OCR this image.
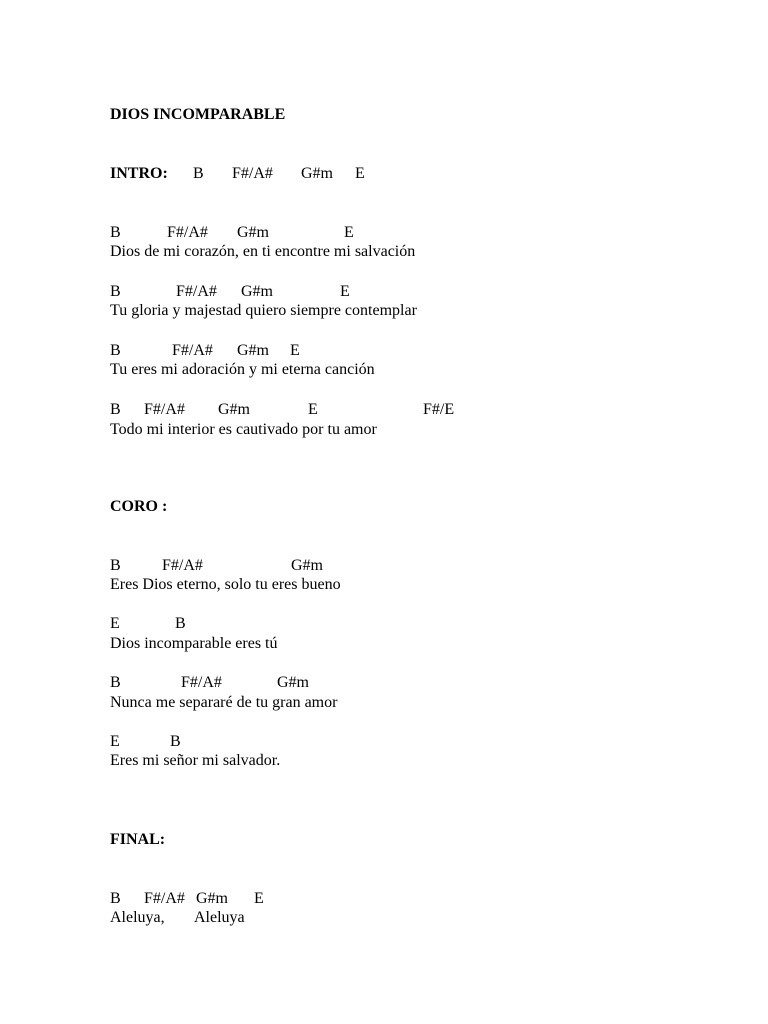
DIOS INCOMPARABLE
INTRO: B F#/A# G#m E
B	F#/A# G#m	E
Dios de mi corazón, en ti encontre mi salvación
B	F#/A# G#m	E
Tu gloria y majestad quiero siempre contemplar
B	F#/A# G#m E
Tu eres mi adoración y mi eterna canción
B F#/A# G#m	E	F#/E
Todo mi interior es cautivado por tu amor
CORO :
B	F#/A#	G#m
Eres Dios eterno, solo tu eres bueno
E	B
Dios incomparable eres tú
B	F#/A#	G#m
Nunca me separaré de tu gran amor
E	B
Eres mi señor mi salvador.
FINAL:
B F#/A# G#m E
Aleluya, Aleluya
